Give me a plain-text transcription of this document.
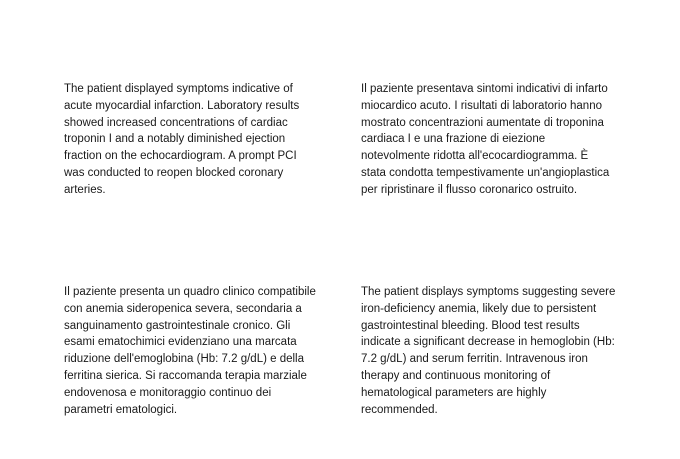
The patient displayed symptoms indicative of
acute myocardial infarction. Laboratory results
showed increased concentrations of cardiac
troponin I and a notably diminished ejection
fraction on the echocardiogram. A prompt PCI
was conducted to reopen blocked coronary
arteries.

Il paziente presentava sintomi indicativi di infarto
miocardico acuto. I risultati di laboratorio hanno
mostrato concentrazioni aumentate di troponina
cardiaca I e una frazione di eiezione
notevolmente ridotta all'ecocardiogramma. È
stata condotta tempestivamente un'angioplastica
per ripristinare il flusso coronarico ostruito.

Il paziente presenta un quadro clinico compatibile
con anemia sideropenica severa, secondaria a
sanguinamento gastrointestinale cronico. Gli
esami ematochimici evidenziano una marcata
riduzione dell'emoglobina (Hb: 7.2 g/dL) e della
ferritina sierica. Si raccomanda terapia marziale
endovenosa e monitoraggio continuo dei
parametri ematologici.

The patient displays symptoms suggesting severe
iron-deficiency anemia, likely due to persistent
gastrointestinal bleeding. Blood test results
indicate a significant decrease in hemoglobin (Hb:
7.2 g/dL) and serum ferritin. Intravenous iron
therapy and continuous monitoring of
hematological parameters are highly
recommended.
